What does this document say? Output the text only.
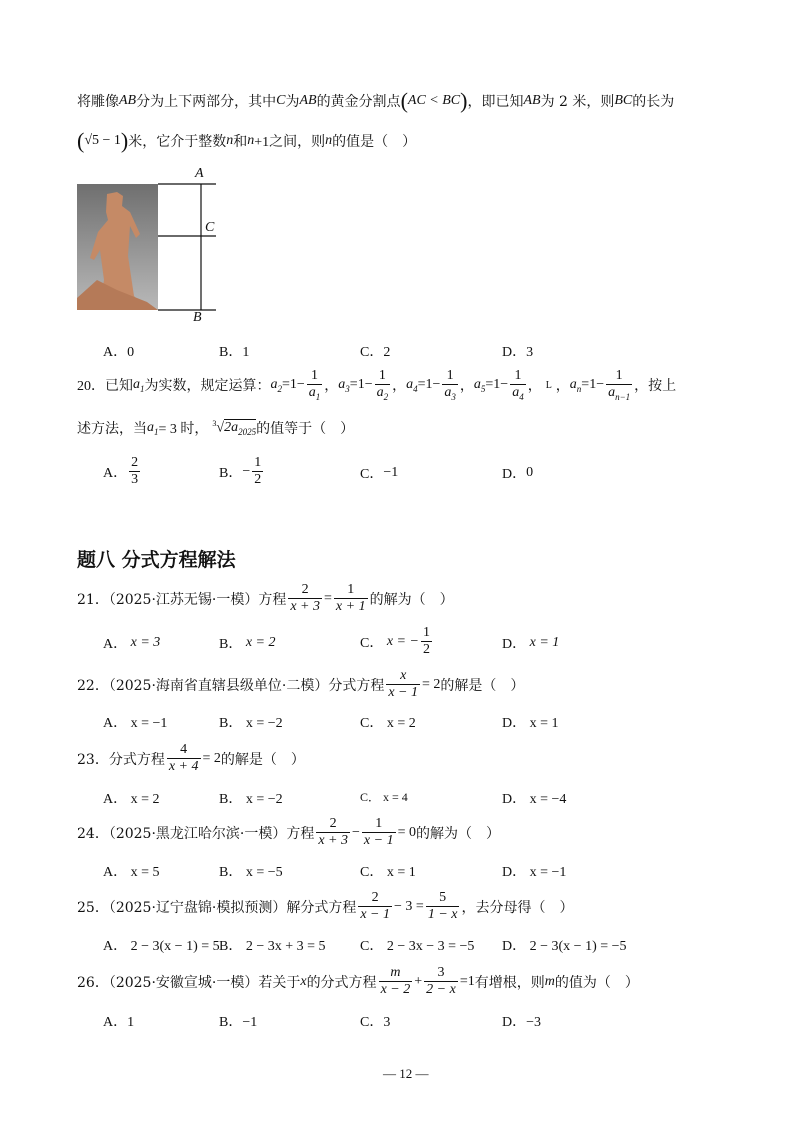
将雕像 AB 分为上下两部分，其中 C 为 AB 的黄金分割点 ( AC < BC ) ，即已知 AB 为 2 米，则 BC 的长为
( √5 − 1 ) 米，它介于整数 n 和 n +1之间，则 n 的值是（　）
A
C
B
A．0	B．1	C．2	D．3
20． 已知 $a_1$ 为实数，规定运算： $a_2 =1- \frac{1}{a_1}$ ， $a_3 =1- \frac{1}{a_2}$ ， $a_4 =1- \frac{1}{a_3}$ ， $a_5 =1- \frac{1}{a_4}$ ， L ， $a_n =1- \frac{1}{a_{n-1}}$ ，按上
述方法，当 $a_1 = 3$ 时， $^3√2a_{2025}$ 的值等于（　）
A． $\frac{2}{3}$	B． − $\frac{1}{2}$	C． −1	D． 0
题八 分式方程解法
21．（2025·江苏无锡·一模）方程 $\frac{2}{x + 3} = \frac{1}{x + 1}$ 的解为（　）
A．
x = 3	B．
x = 2	C．
x = − $\frac{1}{2}$	D．
x = 1
22．（2025·海南省直辖县级单位·二模）分式方程 $\frac{x}{x - 1} = 2$ 的解是（　）
A． x = −1	B． x = −2	C． x = 2	D． x = 1
23．分式方程 $\frac{4}{x + 4} = 2$ 的解是（　）
A． x = 2	B． x = −2	C． x = 4	D． x = −4
24．（2025·黑龙江哈尔滨·一模）方程 $\frac{2}{x + 3} - \frac{1}{x - 1} = 0$ 的解为（　）
A． x = 5	B． x = −5	C． x = 1	D． x = −1
25．（2025·辽宁盘锦·模拟预测）解分式方程 $\frac{2}{x - 1} - 3 = \frac{5}{1 - x}$ ，去分母得（　）
A． 2 − 3(x − 1) = 5 B． 2 − 3x + 3 = 5 C． 2 − 3x − 3 = −5 D． 2 − 3(x − 1) = −5
26．（2025·安徽宣城·一模）若关于 x 的分式方程 $\frac{m}{x - 2} + \frac{3}{2 - x} =1$ 有增根，则 m 的值为（　）
A．1	B．−1	C．3	D．−3
— 12 —
